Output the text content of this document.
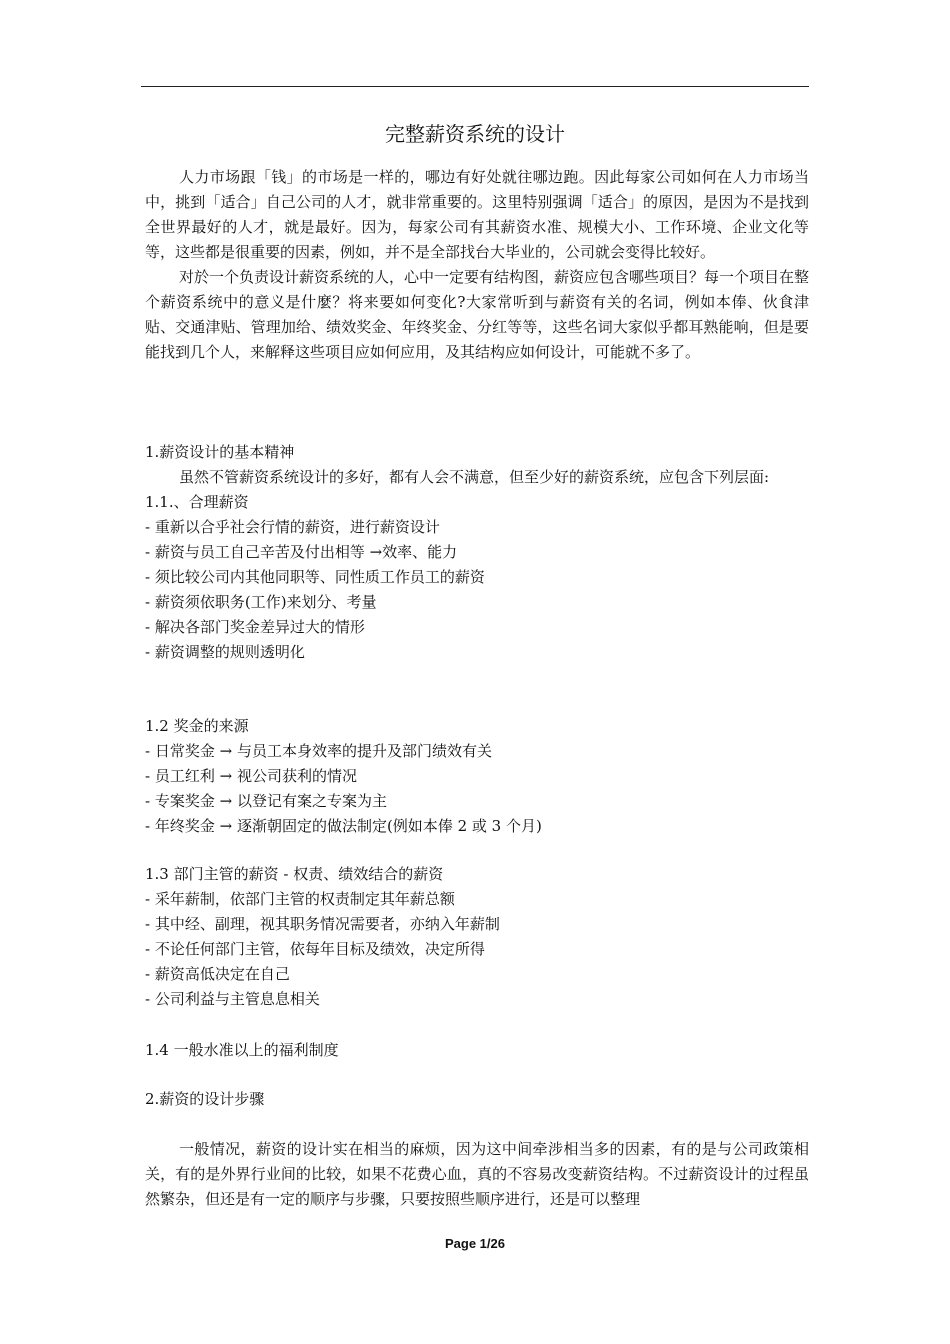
完整薪资系统的设计

人力市场跟「钱」的市场是一样的，哪边有好处就往哪边跑。因此每家公司如何在人力市场当中，挑到「适合」自己公司的人才，就非常重要的。这里特别强调「适合」的原因，是因为不是找到全世界最好的人才，就是最好。因为，每家公司有其薪资水准、规模大小、工作环境、企业文化等等，这些都是很重要的因素，例如，并不是全部找台大毕业的，公司就会变得比较好。

对於一个负责设计薪资系统的人，心中一定要有结构图，薪资应包含哪些项目？每一个项目在整个薪资系统中的意义是什麼？将来要如何变化?大家常听到与薪资有关的名词，例如本俸、伙食津贴、交通津贴、管理加给、绩效奖金、年终奖金、分红等等，这些名词大家似乎都耳熟能响，但是要能找到几个人，来解释这些项目应如何应用，及其结构应如何设计，可能就不多了。

1.薪资设计的基本精神

虽然不管薪资系统设计的多好，都有人会不满意，但至少好的薪资系统，应包含下列层面:

1.1.、合理薪资

- 重新以合乎社会行情的薪资，进行薪资设计

- 薪资与员工自己辛苦及付出相等 →效率、能力

- 须比较公司内其他同职等、同性质工作员工的薪资

- 薪资须依职务(工作)来划分、考量

- 解决各部门奖金差异过大的情形

- 薪资调整的规则透明化

1.2 奖金的来源

- 日常奖金 → 与员工本身效率的提升及部门绩效有关

- 员工红利 → 视公司获利的情况

- 专案奖金 → 以登记有案之专案为主

- 年终奖金 → 逐渐朝固定的做法制定(例如本俸 2 或 3 个月)

1.3 部门主管的薪资 - 权责、绩效结合的薪资

- 采年薪制，依部门主管的权责制定其年薪总额

- 其中经、副理，视其职务情况需要者，亦纳入年薪制

- 不论任何部门主管，依每年目标及绩效，决定所得

- 薪资高低决定在自己

- 公司利益与主管息息相关

1.4 一般水准以上的福利制度

2.薪资的设计步骤

一般情况，薪资的设计实在相当的麻烦，因为这中间牵涉相当多的因素，有的是与公司政策相关，有的是外界行业间的比较，如果不花费心血，真的不容易改变薪资结构。不过薪资设计的过程虽然繁杂，但还是有一定的顺序与步骤，只要按照些顺序进行，还是可以整理

Page 1/26
